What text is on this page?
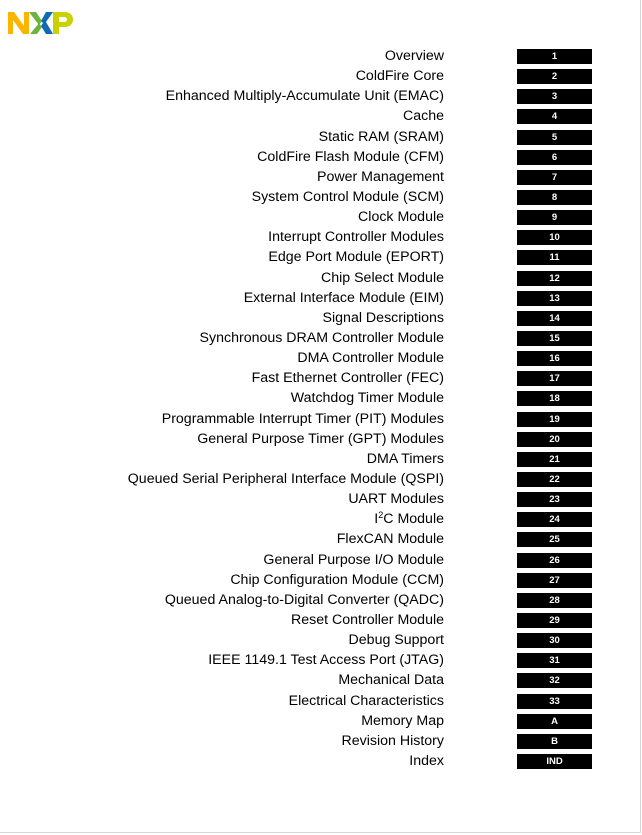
Overview	1
ColdFire Core	2
Enhanced Multiply-Accumulate Unit (EMAC)	3
Cache	4
Static RAM (SRAM)	5
ColdFire Flash Module (CFM)	6
Power Management	7
System Control Module (SCM)	8
Clock Module	9
Interrupt Controller Modules	10
Edge Port Module (EPORT)	11
Chip Select Module	12
External Interface Module (EIM)	13
Signal Descriptions	14
Synchronous DRAM Controller Module	15
DMA Controller Module	16
Fast Ethernet Controller (FEC)	17
Watchdog Timer Module	18
Programmable Interrupt Timer (PIT) Modules	19
General Purpose Timer (GPT) Modules	20
DMA Timers	21
Queued Serial Peripheral Interface Module (QSPI)	22
UART Modules	23
$I^2C$ Module	24
FlexCAN Module	25
General Purpose I/O Module	26
Chip Configuration Module (CCM)	27
Queued Analog-to-Digital Converter (QADC)	28
Reset Controller Module	29
Debug Support	30
IEEE 1149.1 Test Access Port (JTAG)	31
Mechanical Data	32
Electrical Characteristics	33
Memory Map	A
Revision History	B
Index	IND
